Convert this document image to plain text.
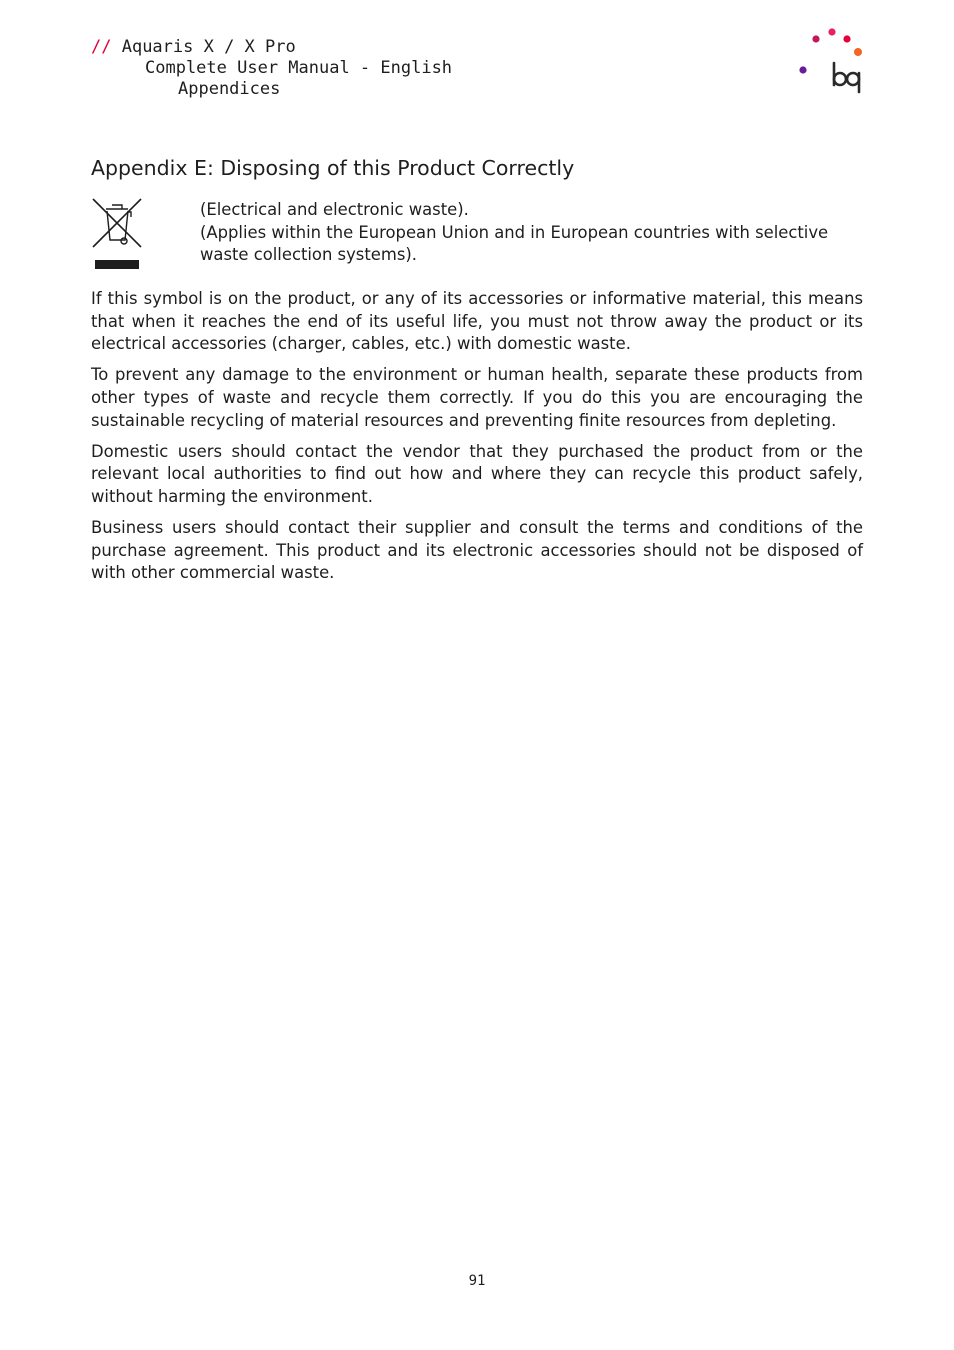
// Aquaris X / X Pro
Complete User Manual - English
Appendices
Appendix E: Disposing of this Product Correctly

(Electrical and electronic waste).

(Applies within the European Union and in European countries with selective waste collection systems).

If this symbol is on the product, or any of its accessories or informative material, this means that when it reaches the end of its useful life, you must not throw away the product or its electrical accessories (charger, cables, etc.) with domestic waste.

To prevent any damage to the environment or human health, separate these products from other types of waste and recycle them correctly. If you do this you are encouraging the sustainable recycling of material resources and preventing finite resources from depleting.

Domestic users should contact the vendor that they purchased the product from or the relevant local authorities to find out how and where they can recycle this product safely, without harming the environment.

Business users should contact their supplier and consult the terms and conditions of the purchase agreement. This product and its electronic accessories should not be disposed of with other commercial waste.

91
